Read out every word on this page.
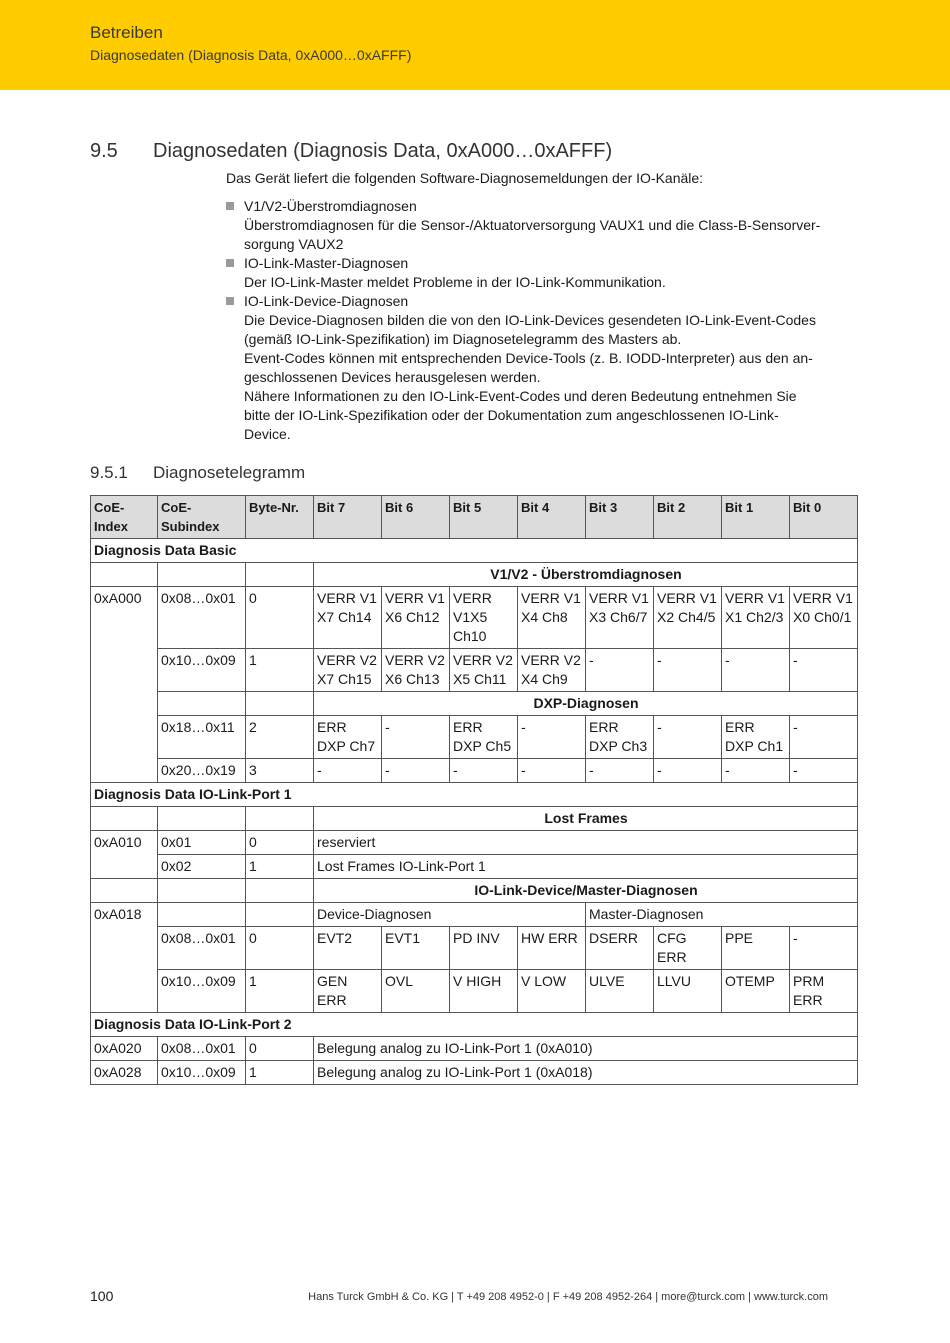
Betreiben
Diagnosedaten (Diagnosis Data, 0xA000…0xAFFF)
9.5 Diagnosedaten (Diagnosis Data, 0xA000…0xAFFF)
Das Gerät liefert die folgenden Software-Diagnosemeldungen der IO-Kanäle:
V1/V2-Überstromdiagnosen
Überstromdiagnosen für die Sensor-/Aktuatorversorgung VAUX1 und die Class-B-Sensorver-
sorgung VAUX2
IO-Link-Master-Diagnosen
Der IO-Link-Master meldet Probleme in der IO-Link-Kommunikation.
IO-Link-Device-Diagnosen
Die Device-Diagnosen bilden die von den IO-Link-Devices gesendeten IO-Link-Event-Codes
(gemäß IO-Link-Spezifikation) im Diagnosetelegramm des Masters ab.
Event-Codes können mit entsprechenden Device-Tools (z. B. IODD-Interpreter) aus den an-
geschlossenen Devices herausgelesen werden.
Nähere Informationen zu den IO-Link-Event-Codes und deren Bedeutung entnehmen Sie
bitte der IO-Link-Spezifikation oder der Dokumentation zum angeschlossenen IO-Link-
Device.
9.5.1 Diagnosetelegramm
CoE-Index	CoE-Subindex	Byte-Nr.	Bit 7	Bit 6	Bit 5	Bit 4	Bit 3	Bit 2	Bit 1	Bit 0
Diagnosis Data Basic										
			V1/V2 - Überstromdiagnosen							
0xA000	0x08…0x01	0	VERR V1 X7 Ch14	VERR V1 X6 Ch12	VERR V1X5 Ch10	VERR V1 X4 Ch8	VERR V1 X3 Ch6/7	VERR V1 X2 Ch4/5	VERR V1 X1 Ch2/3	VERR V1 X0 Ch0/1
	0x10…0x09	1	VERR V2 X7 Ch15	VERR V2 X6 Ch13	VERR V2 X5 Ch11	VERR V2 X4 Ch9	-	-	-	-
			DXP-Diagnosen							
	0x18…0x11	2	ERR DXP Ch7	-	ERR DXP Ch5	-	ERR DXP Ch3	-	ERR DXP Ch1	-
	0x20…0x19	3	-	-	-	-	-	-	-	-
Diagnosis Data IO-Link-Port 1										
			Lost Frames							
0xA010	0x01	0	reserviert							
	0x02	1	Lost Frames IO-Link-Port 1							
			IO-Link-Device/Master-Diagnosen							
0xA018			Device-Diagnosen				Master-Diagnosen			
	0x08…0x01	0	EVT2	EVT1	PD INV	HW ERR	DSERR	CFG ERR	PPE	-
	0x10…0x09	1	GEN ERR	OVL	V HIGH	V LOW	ULVE	LLVU	OTEMP	PRM ERR
Diagnosis Data IO-Link-Port 2										
0xA020	0x08…0x01	0	Belegung analog zu IO-Link-Port 1 (0xA010)							
0xA028	0x10…0x09	1	Belegung analog zu IO-Link-Port 1 (0xA018)							
100	Hans Turck GmbH & Co. KG | T +49 208 4952-0 | F +49 208 4952-264 | more@turck.com | www.turck.com
